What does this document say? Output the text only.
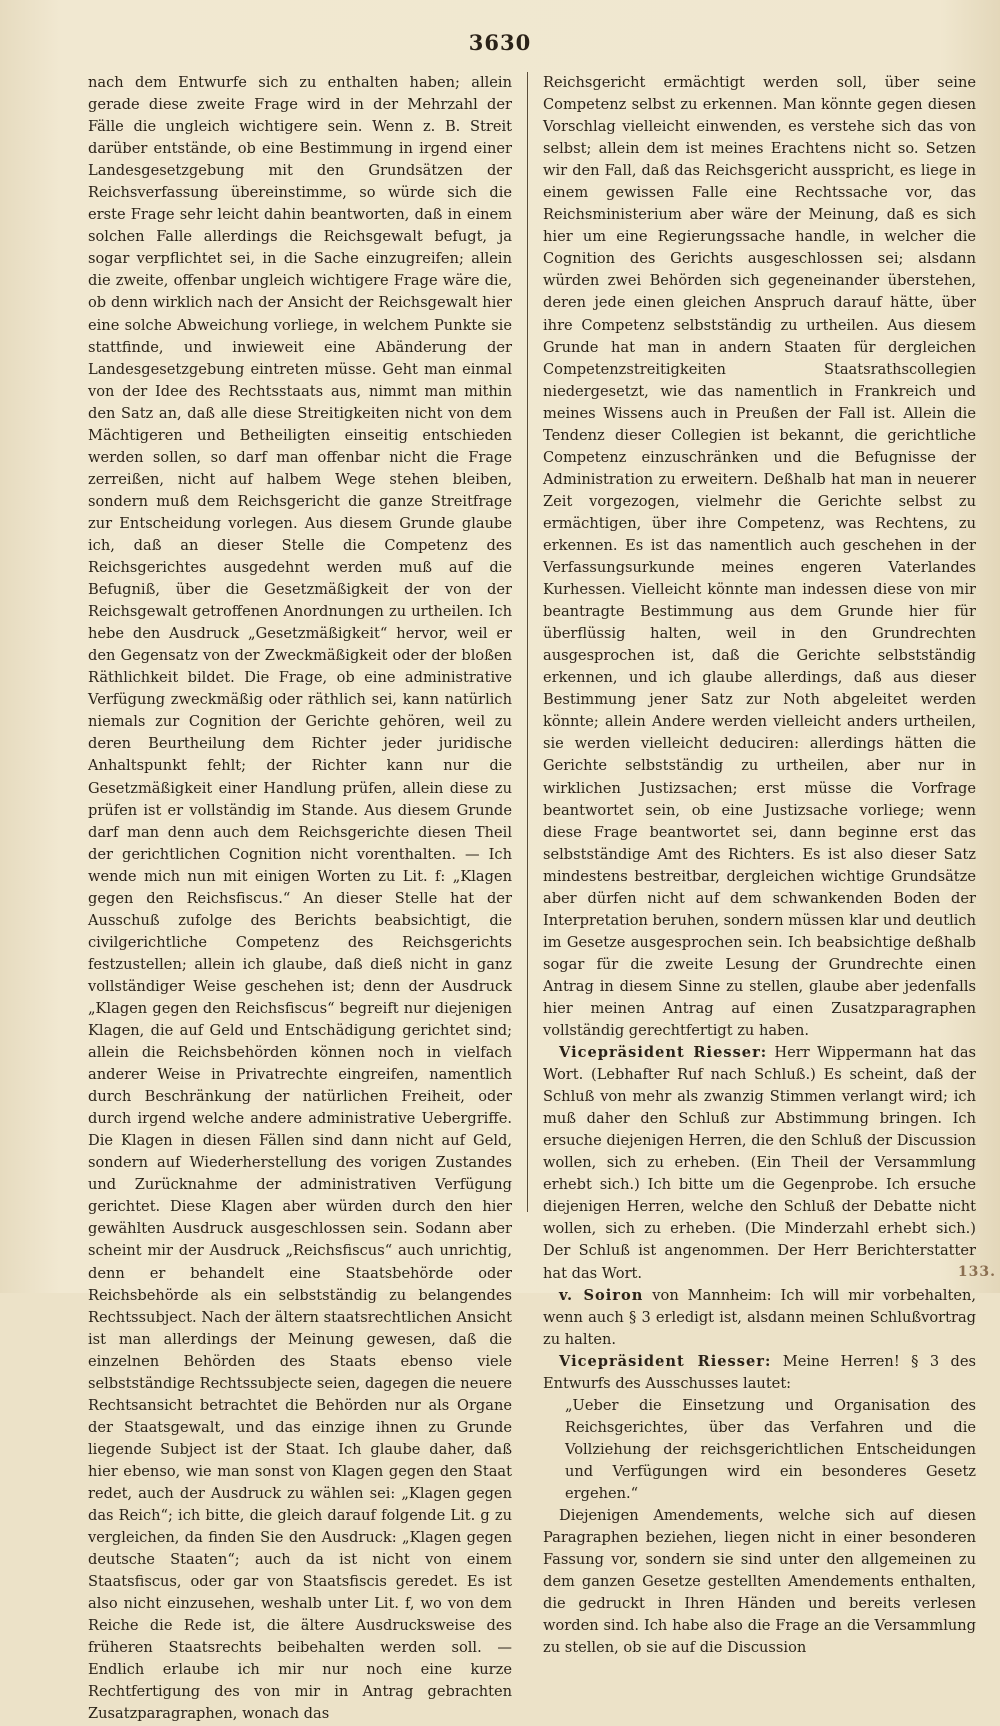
3630

nach dem Entwurfe sich zu enthalten haben; allein gerade diese zweite Frage wird in der Mehrzahl der Fälle die ungleich wichtigere sein. Wenn z. B. Streit darüber entstände, ob eine Bestimmung in irgend einer Landesgesetzgebung mit den Grundsätzen der Reichsverfassung übereinstimme, so würde sich die erste Frage sehr leicht dahin beantworten, daß in einem solchen Falle allerdings die Reichsgewalt befugt, ja sogar verpflichtet sei, in die Sache einzugreifen; allein die zweite, offenbar ungleich wichtigere Frage wäre die, ob denn wirklich nach der Ansicht der Reichsgewalt hier eine solche Abweichung vorliege, in welchem Punkte sie stattfinde, und inwieweit eine Abänderung der Landesgesetzgebung eintreten müsse. Geht man einmal von der Idee des Rechtsstaats aus, nimmt man mithin den Satz an, daß alle diese Streitigkeiten nicht von dem Mächtigeren und Betheiligten einseitig entschieden werden sollen, so darf man offenbar nicht die Frage zerreißen, nicht auf halbem Wege stehen bleiben, sondern muß dem Reichsgericht die ganze Streitfrage zur Entscheidung vorlegen. Aus diesem Grunde glaube ich, daß an dieser Stelle die Competenz des Reichsgerichtes ausgedehnt werden muß auf die Befugniß, über die Gesetzmäßigkeit der von der Reichsgewalt getroffenen Anordnungen zu urtheilen. Ich hebe den Ausdruck „Gesetzmäßigkeit“ hervor, weil er den Gegensatz von der Zweckmäßigkeit oder der bloßen Räthlichkeit bildet. Die Frage, ob eine administrative Verfügung zweckmäßig oder räthlich sei, kann natürlich niemals zur Cognition der Gerichte gehören, weil zu deren Beurtheilung dem Richter jeder juridische Anhaltspunkt fehlt; der Richter kann nur die Gesetzmäßigkeit einer Handlung prüfen, allein diese zu prüfen ist er vollständig im Stande. Aus diesem Grunde darf man denn auch dem Reichsgerichte diesen Theil der gerichtlichen Cognition nicht vorenthalten. — Ich wende mich nun mit einigen Worten zu Lit. f: „Klagen gegen den Reichsfiscus.“ An dieser Stelle hat der Ausschuß zufolge des Berichts beabsichtigt, die civilgerichtliche Competenz des Reichsgerichts festzustellen; allein ich glaube, daß dieß nicht in ganz vollständiger Weise geschehen ist; denn der Ausdruck „Klagen gegen den Reichsfiscus“ begreift nur diejenigen Klagen, die auf Geld und Entschädigung gerichtet sind; allein die Reichsbehörden können noch in vielfach anderer Weise in Privatrechte eingreifen, namentlich durch Beschränkung der natürlichen Freiheit, oder durch irgend welche andere administrative Uebergriffe. Die Klagen in diesen Fällen sind dann nicht auf Geld, sondern auf Wiederherstellung des vorigen Zustandes und Zurücknahme der administrativen Verfügung gerichtet. Diese Klagen aber würden durch den hier gewählten Ausdruck ausgeschlossen sein. Sodann aber scheint mir der Ausdruck „Reichsfiscus“ auch unrichtig, denn er behandelt eine Staatsbehörde oder Reichsbehörde als ein selbstständig zu belangendes Rechtssubject. Nach der ältern staatsrechtlichen Ansicht ist man allerdings der Meinung gewesen, daß die einzelnen Behörden des Staats ebenso viele selbstständige Rechtssubjecte seien, dagegen die neuere Rechtsansicht betrachtet die Behörden nur als Organe der Staatsgewalt, und das einzige ihnen zu Grunde liegende Subject ist der Staat. Ich glaube daher, daß hier ebenso, wie man sonst von Klagen gegen den Staat redet, auch der Ausdruck zu wählen sei: „Klagen gegen das Reich“; ich bitte, die gleich darauf folgende Lit. g zu vergleichen, da finden Sie den Ausdruck: „Klagen gegen deutsche Staaten“; auch da ist nicht von einem Staatsfiscus, oder gar von Staatsfiscis geredet. Es ist also nicht einzusehen, weshalb unter Lit. f, wo von dem Reiche die Rede ist, die ältere Ausdrucksweise des früheren Staatsrechts beibehalten werden soll. — Endlich erlaube ich mir nur noch eine kurze Rechtfertigung des von mir in Antrag gebrachten Zusatzparagraphen, wonach das

Reichsgericht ermächtigt werden soll, über seine Competenz selbst zu erkennen. Man könnte gegen diesen Vorschlag vielleicht einwenden, es verstehe sich das von selbst; allein dem ist meines Erachtens nicht so. Setzen wir den Fall, daß das Reichsgericht ausspricht, es liege in einem gewissen Falle eine Rechtssache vor, das Reichsministerium aber wäre der Meinung, daß es sich hier um eine Regierungssache handle, in welcher die Cognition des Gerichts ausgeschlossen sei; alsdann würden zwei Behörden sich gegeneinander überstehen, deren jede einen gleichen Anspruch darauf hätte, über ihre Competenz selbstständig zu urtheilen. Aus diesem Grunde hat man in andern Staaten für dergleichen Competenzstreitigkeiten Staatsrathscollegien niedergesetzt, wie das namentlich in Frankreich und meines Wissens auch in Preußen der Fall ist. Allein die Tendenz dieser Collegien ist bekannt, die gerichtliche Competenz einzuschränken und die Befugnisse der Administration zu erweitern. Deßhalb hat man in neuerer Zeit vorgezogen, vielmehr die Gerichte selbst zu ermächtigen, über ihre Competenz, was Rechtens, zu erkennen. Es ist das namentlich auch geschehen in der Verfassungsurkunde meines engeren Vaterlandes Kurhessen. Vielleicht könnte man indessen diese von mir beantragte Bestimmung aus dem Grunde hier für überflüssig halten, weil in den Grundrechten ausgesprochen ist, daß die Gerichte selbstständig erkennen, und ich glaube allerdings, daß aus dieser Bestimmung jener Satz zur Noth abgeleitet werden könnte; allein Andere werden vielleicht anders urtheilen, sie werden vielleicht deduciren: allerdings hätten die Gerichte selbstständig zu urtheilen, aber nur in wirklichen Justizsachen; erst müsse die Vorfrage beantwortet sein, ob eine Justizsache vorliege; wenn diese Frage beantwortet sei, dann beginne erst das selbstständige Amt des Richters. Es ist also dieser Satz mindestens bestreitbar, dergleichen wichtige Grundsätze aber dürfen nicht auf dem schwankenden Boden der Interpretation beruhen, sondern müssen klar und deutlich im Gesetze ausgesprochen sein. Ich beabsichtige deßhalb sogar für die zweite Lesung der Grundrechte einen Antrag in diesem Sinne zu stellen, glaube aber jedenfalls hier meinen Antrag auf einen Zusatzparagraphen vollständig gerechtfertigt zu haben.

Vicepräsident Riesser: Herr Wippermann hat das Wort. (Lebhafter Ruf nach Schluß.) Es scheint, daß der Schluß von mehr als zwanzig Stimmen verlangt wird; ich muß daher den Schluß zur Abstimmung bringen. Ich ersuche diejenigen Herren, die den Schluß der Discussion wollen, sich zu erheben. (Ein Theil der Versammlung erhebt sich.) Ich bitte um die Gegenprobe. Ich ersuche diejenigen Herren, welche den Schluß der Debatte nicht wollen, sich zu erheben. (Die Minderzahl erhebt sich.) Der Schluß ist angenommen. Der Herr Berichterstatter hat das Wort.

v. Soiron von Mannheim: Ich will mir vorbehalten, wenn auch § 3 erledigt ist, alsdann meinen Schlußvortrag zu halten.

Vicepräsident Riesser: Meine Herren! § 3 des Entwurfs des Ausschusses lautet:

„Ueber die Einsetzung und Organisation des Reichsgerichtes, über das Verfahren und die Vollziehung der reichsgerichtlichen Entscheidungen und Verfügungen wird ein besonderes Gesetz ergehen.“

Diejenigen Amendements, welche sich auf diesen Paragraphen beziehen, liegen nicht in einer besonderen Fassung vor, sondern sie sind unter den allgemeinen zu dem ganzen Gesetze gestellten Amendements enthalten, die gedruckt in Ihren Händen und bereits verlesen worden sind. Ich habe also die Frage an die Versammlung zu stellen, ob sie auf die Discussion

133.
